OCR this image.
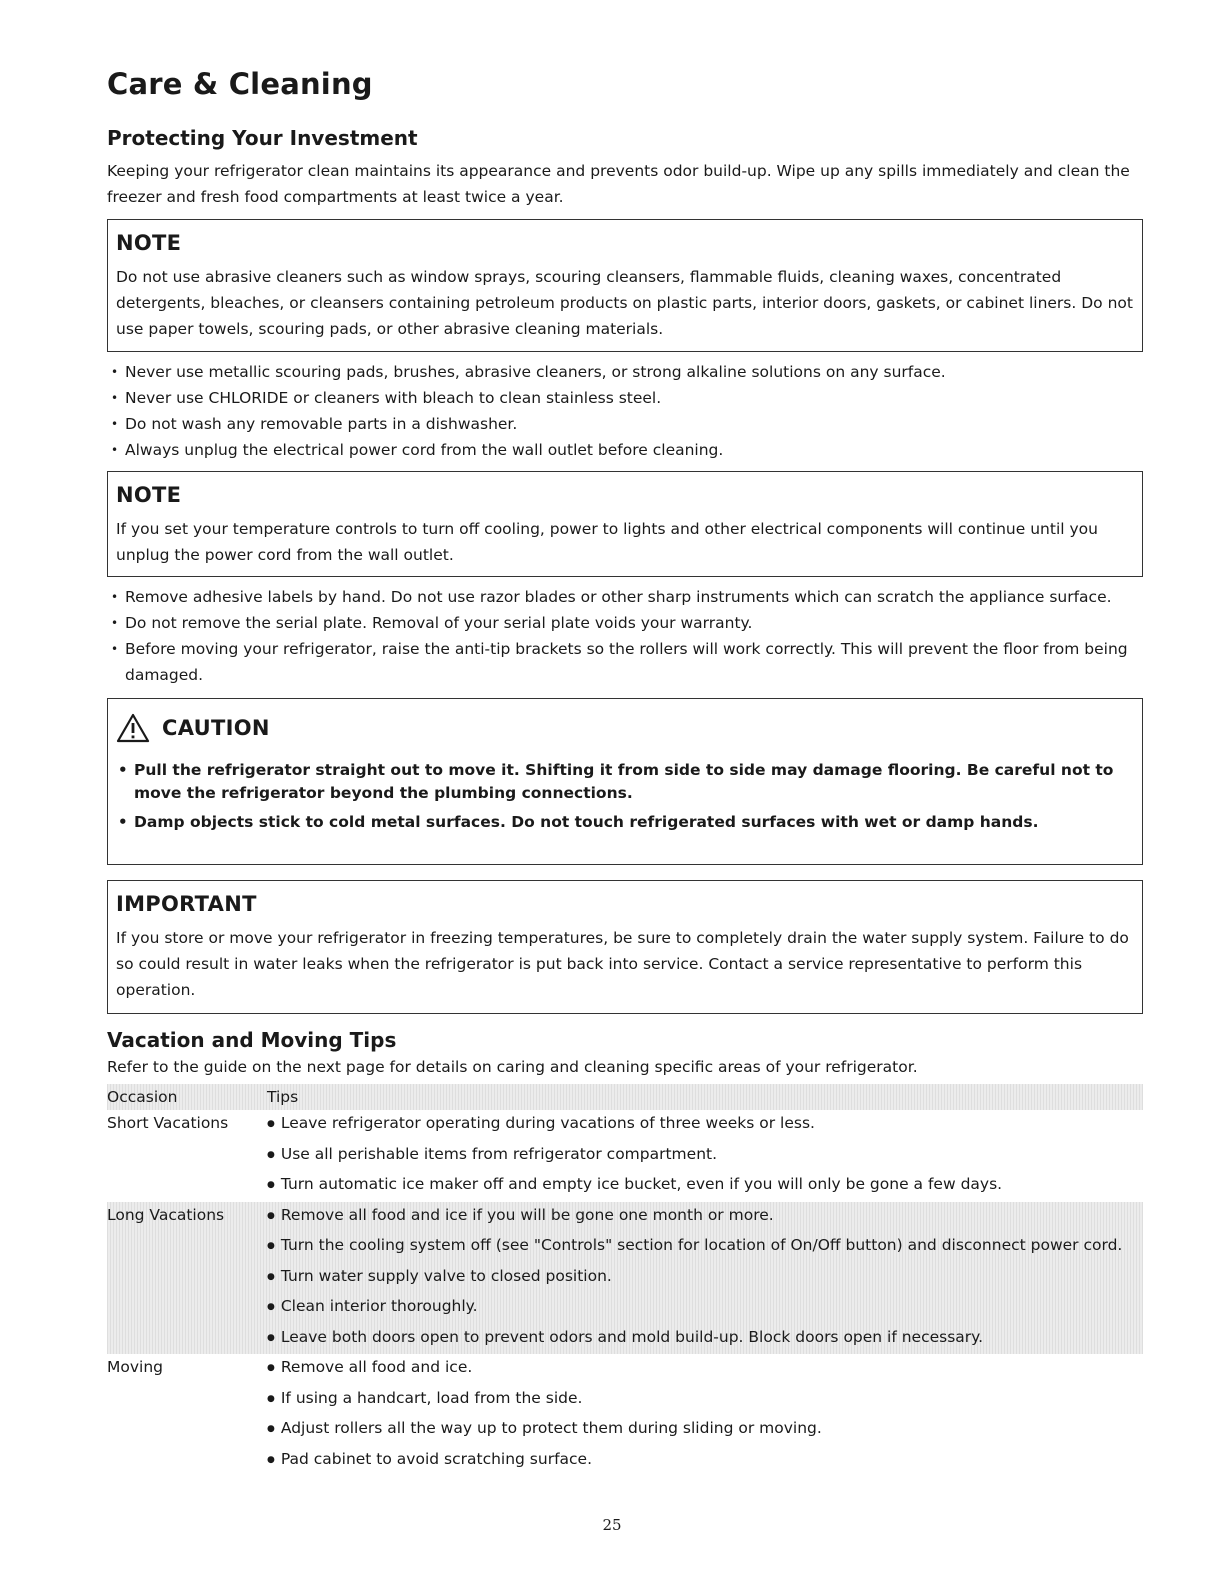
Care & Cleaning
Protecting Your Investment

Keeping your refrigerator clean maintains its appearance and prevents odor build-up. Wipe up any spills immediately and clean the freezer and fresh food compartments at least twice a year.

NOTE

Do not use abrasive cleaners such as window sprays, scouring cleansers, flammable fluids, cleaning waxes, concentrated detergents, bleaches, or cleansers containing petroleum products on plastic parts, interior doors, gaskets, or cabinet liners. Do not use paper towels, scouring pads, or other abrasive cleaning materials.

• Never use metallic scouring pads, brushes, abrasive cleaners, or strong alkaline solutions on any surface.
• Never use CHLORIDE or cleaners with bleach to clean stainless steel.
• Do not wash any removable parts in a dishwasher.
• Always unplug the electrical power cord from the wall outlet before cleaning.
NOTE

If you set your temperature controls to turn off cooling, power to lights and other electrical components will continue until you unplug the power cord from the wall outlet.

• Remove adhesive labels by hand. Do not use razor blades or other sharp instruments which can scratch the appliance surface.
• Do not remove the serial plate. Removal of your serial plate voids your warranty.
• Before moving your refrigerator, raise the anti-tip brackets so the rollers will work correctly. This will prevent the floor from being damaged.
CAUTION
• Pull the refrigerator straight out to move it. Shifting it from side to side may damage flooring. Be careful not to move the refrigerator beyond the plumbing connections.
• Damp objects stick to cold metal surfaces. Do not touch refrigerated surfaces with wet or damp hands.
IMPORTANT

If you store or move your refrigerator in freezing temperatures, be sure to completely drain the water supply system. Failure to do so could result in water leaks when the refrigerator is put back into service. Contact a service representative to perform this operation.

Vacation and Moving Tips

Refer to the guide on the next page for details on caring and cleaning specific areas of your refrigerator.

Occasion	Tips
Short Vacations	● Leave refrigerator operating during vacations of three weeks or less.
● Use all perishable items from refrigerator compartment.
● Turn automatic ice maker off and empty ice bucket, even if you will only be gone a few days.

Long Vacations	● Remove all food and ice if you will be gone one month or more.
● Turn the cooling system off (see "Controls" section for location of On/Off button) and disconnect power cord.
● Turn water supply valve to closed position.
● Clean interior thoroughly.
● Leave both doors open to prevent odors and mold build-up. Block doors open if necessary.

Moving	● Remove all food and ice.
● If using a handcart, load from the side.
● Adjust rollers all the way up to protect them during sliding or moving.
● Pad cabinet to avoid scratching surface.
25
